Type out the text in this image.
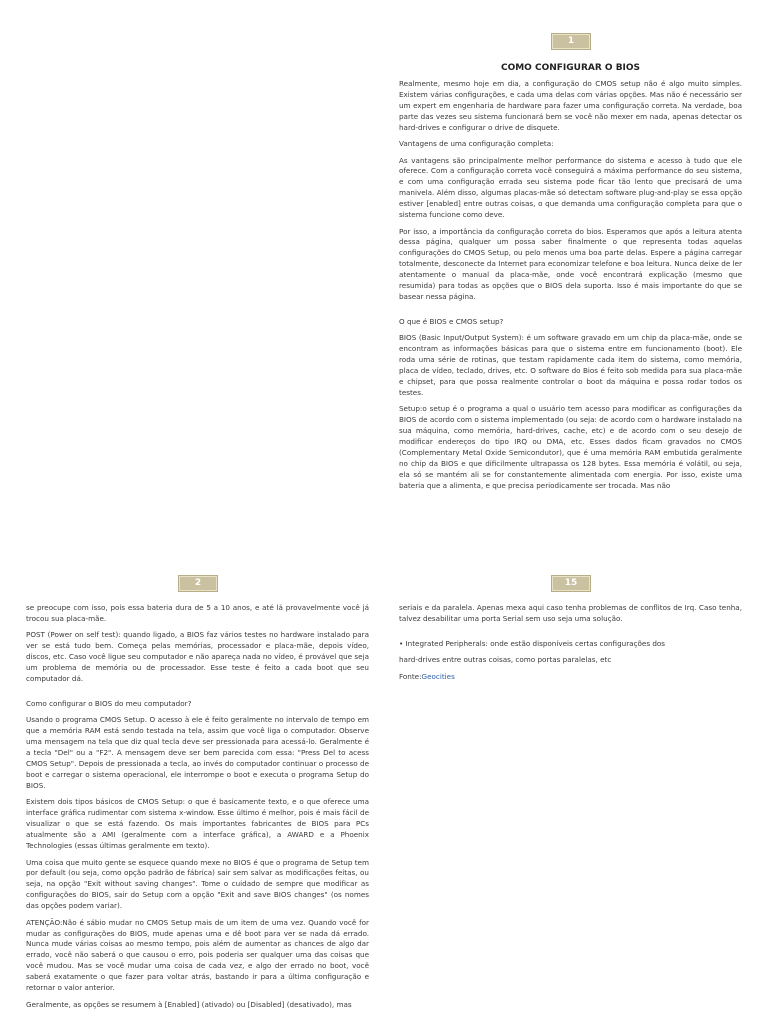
1
COMO CONFIGURAR O BIOS

Realmente, mesmo hoje em dia, a configuração do CMOS setup não é algo muito simples. Existem várias configurações, e cada uma delas com várias opções. Mas não é necessário ser um expert em engenharia de hardware para fazer uma configuração correta. Na verdade, boa parte das vezes seu sistema funcionará bem se você não mexer em nada, apenas detectar os hard-drives e configurar o drive de disquete.

Vantagens de uma configuração completa:

As vantagens são principalmente melhor performance do sistema e acesso à tudo que ele oferece. Com a configuração correta você conseguirá a máxima performance do seu sistema, e com uma configuração errada seu sistema pode ficar tão lento que precisará de uma manivela. Além disso, algumas placas-mãe só detectam software plug-and-play se essa opção estiver [enabled] entre outras coisas, o que demanda uma configuração completa para que o sistema funcione como deve.

Por isso, a importância da configuração correta do bios. Esperamos que após a leitura atenta dessa página, qualquer um possa saber finalmente o que representa todas aquelas configurações do CMOS Setup, ou pelo menos uma boa parte delas. Espere a página carregar totalmente, desconecte da Internet para economizar telefone e boa leitura. Nunca deixe de ler atentamente o manual da placa-mãe, onde você encontrará explicação (mesmo que resumida) para todas as opções que o BIOS dela suporta. Isso é mais importante do que se basear nessa página.

O que é BIOS e CMOS setup?

BIOS (Basic Input/Output System): é um software gravado em um chip da placa-mãe, onde se encontram as informações básicas para que o sistema entre em funcionamento (boot). Ele roda uma série de rotinas, que testam rapidamente cada item do sistema, como memória, placa de vídeo, teclado, drives, etc. O software do Bios é feito sob medida para sua placa-mãe e chipset, para que possa realmente controlar o boot da máquina e possa rodar todos os testes.

Setup:o setup é o programa a qual o usuário tem acesso para modificar as configurações da BIOS de acordo com o sistema implementado (ou seja: de acordo com o hardware instalado na sua máquina, como memória, hard-drives, cache, etc) e de acordo com o seu desejo de modificar endereços do tipo IRQ ou DMA, etc. Esses dados ficam gravados no CMOS (Complementary Metal Oxide Semicondutor), que é uma memória RAM embutida geralmente no chip da BIOS e que dificilmente ultrapassa os 128 bytes. Essa memória é volátil, ou seja, ela só se mantém ali se for constantemente alimentada com energia. Por isso, existe uma bateria que a alimenta, e que precisa periodicamente ser trocada. Mas não

2

se preocupe com isso, pois essa bateria dura de 5 a 10 anos, e até lá provavelmente você já trocou sua placa-mãe.

POST (Power on self test): quando ligado, a BIOS faz vários testes no hardware instalado para ver se está tudo bem. Começa pelas memórias, processador e placa-mãe, depois vídeo, discos, etc. Caso você ligue seu computador e não apareça nada no vídeo, é provável que seja um problema de memória ou de processador. Esse teste é feito a cada boot que seu computador dá.

Como configurar o BIOS do meu computador?

Usando o programa CMOS Setup. O acesso à ele é feito geralmente no intervalo de tempo em que a memória RAM está sendo testada na tela, assim que você liga o computador. Observe uma mensagem na tela que diz qual tecla deve ser pressionada para acessá-lo. Geralmente é a tecla "Del" ou a "F2". A mensagem deve ser bem parecida com essa: "Press Del to acess CMOS Setup". Depois de pressionada a tecla, ao invés do computador continuar o processo de boot e carregar o sistema operacional, ele interrompe o boot e executa o programa Setup do BIOS.

Existem dois tipos básicos de CMOS Setup: o que é basicamente texto, e o que oferece uma interface gráfica rudimentar com sistema x-window. Esse último é melhor, pois é mais fácil de visualizar o que se está fazendo. Os mais importantes fabricantes de BIOS para PCs atualmente são a AMI (geralmente com a interface gráfica), a AWARD e a Phoenix Technologies (essas últimas geralmente em texto).

Uma coisa que muito gente se esquece quando mexe no BIOS é que o programa de Setup tem por default (ou seja, como opção padrão de fábrica) sair sem salvar as modificações feitas, ou seja, na opção "Exit without saving changes". Tome o cuidado de sempre que modificar as configurações do BIOS, sair do Setup com a opção "Exit and save BIOS changes" (os nomes das opções podem variar).

ATENÇÃO:Não é sábio mudar no CMOS Setup mais de um item de uma vez. Quando você for mudar as configurações do BIOS, mude apenas uma e dê boot para ver se nada dá errado. Nunca mude várias coisas ao mesmo tempo, pois além de aumentar as chances de algo dar errado, você não saberá o que causou o erro, pois poderia ser qualquer uma das coisas que você mudou. Mas se você mudar uma coisa de cada vez, e algo der errado no boot, você saberá exatamente o que fazer para voltar atrás, bastando ir para a última configuração e retornar o valor anterior.

Geralmente, as opções se resumem à [Enabled] (ativado) ou [Disabled] (desativado), mas

15

seriais e da paralela. Apenas mexa aqui caso tenha problemas de conflitos de Irq. Caso tenha, talvez desabilitar uma porta Serial sem uso seja uma solução.

• Integrated Peripherals: onde estão disponíveis certas configurações dos
hard-drives entre outras coisas, como portas paralelas, etc

Fonte:Geocities
